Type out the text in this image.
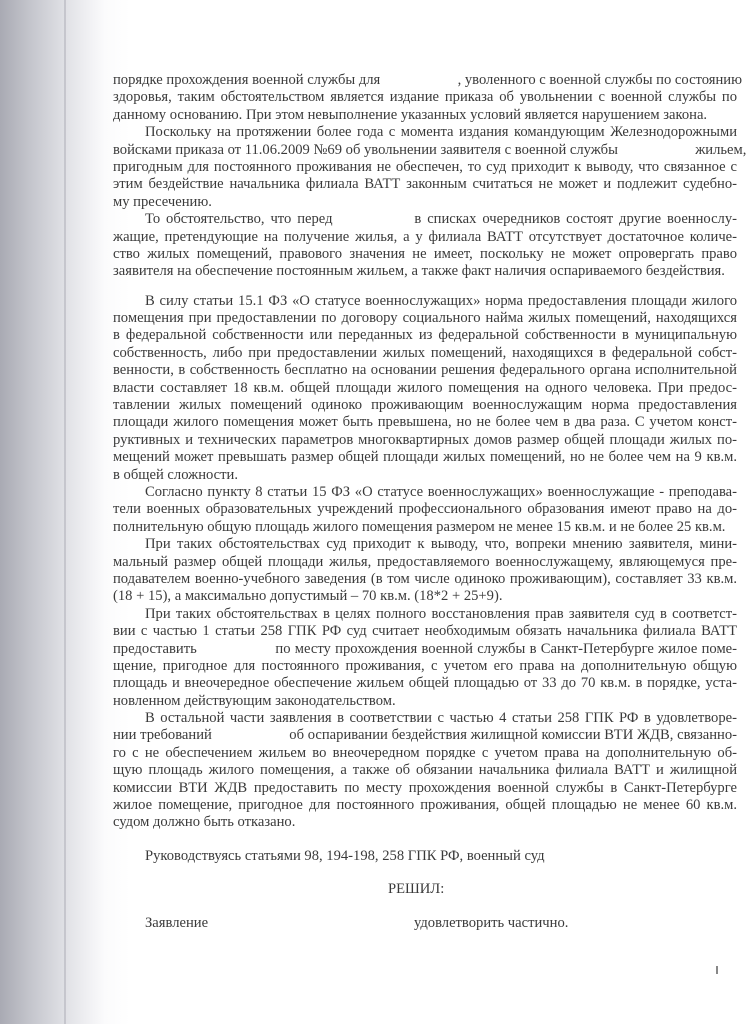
порядке прохождения военной службы для	, уволенного с военной службы по состоянию
здоровья, таким обстоятельством является издание приказа об увольнении с военной службы по
данному основанию. При этом невыполнение указанных условий является нарушением закона.
Поскольку на протяжении более года с момента издания командующим Железнодорожными
войсками приказа от 11.06.2009 №69 об увольнении заявителя с военной службы	жильем,
пригодным для постоянного проживания не обеспечен, то суд приходит к выводу, что связанное с
этим бездействие начальника филиала ВАТТ законным считаться не может и подлежит судебно-
му пресечению.
То обстоятельство, что перед	в списках очередников состоят другие военнослу-
жащие, претендующие на получение жилья, а у филиала ВАТТ отсутствует достаточное количе-
ство жилых помещений, правового значения не имеет, поскольку не может опровергать право
заявителя на обеспечение постоянным жильем, а также факт наличия оспариваемого бездействия.
В силу статьи 15.1 ФЗ «О статусе военнослужащих» норма предоставления площади жилого
помещения при предоставлении по договору социального найма жилых помещений, находящихся
в федеральной собственности или переданных из федеральной собственности в муниципальную
собственность, либо при предоставлении жилых помещений, находящихся в федеральной собст-
венности, в собственность бесплатно на основании решения федерального органа исполнительной
власти составляет 18 кв.м. общей площади жилого помещения на одного человека. При предос-
тавлении жилых помещений одиноко проживающим военнослужащим норма предоставления
площади жилого помещения может быть превышена, но не более чем в два раза. С учетом конст-
руктивных и технических параметров многоквартирных домов размер общей площади жилых по-
мещений может превышать размер общей площади жилых помещений, но не более чем на 9 кв.м.
в общей сложности.
Согласно пункту 8 статьи 15 ФЗ «О статусе военнослужащих» военнослужащие - преподава-
тели военных образовательных учреждений профессионального образования имеют право на до-
полнительную общую площадь жилого помещения размером не менее 15 кв.м. и не более 25 кв.м.
При таких обстоятельствах суд приходит к выводу, что, вопреки мнению заявителя, мини-
мальный размер общей площади жилья, предоставляемого военнослужащему, являющемуся пре-
подавателем военно-учебного заведения (в том числе одиноко проживающим), составляет 33 кв.м.
(18 + 15), а максимально допустимый – 70 кв.м. (18*2 + 25+9).
При таких обстоятельствах в целях полного восстановления прав заявителя суд в соответст-
вии с частью 1 статьи 258 ГПК РФ суд считает необходимым обязать начальника филиала ВАТТ
предоставить	по месту прохождения военной службы в Санкт-Петербурге жилое поме-
щение, пригодное для постоянного проживания, с учетом его права на дополнительную общую
площадь и внеочередное обеспечение жильем общей площадью от 33 до 70 кв.м. в порядке, уста-
новленном действующим законодательством.
В остальной части заявления в соответствии с частью 4 статьи 258 ГПК РФ в удовлетворе-
нии требований	об оспаривании бездействия жилищной комиссии ВТИ ЖДВ, связанно-
го с не обеспечением жильем во внеочередном порядке с учетом права на дополнительную об-
щую площадь жилого помещения, а также об обязании начальника филиала ВАТТ и жилищной
комиссии ВТИ ЖДВ предоставить по месту прохождения военной службы в Санкт-Петербурге
жилое помещение, пригодное для постоянного проживания, общей площадью не менее 60 кв.м.
судом должно быть отказано.
Руководствуясь статьями 98, 194-198, 258 ГПК РФ, военный суд
РЕШИЛ:
Заявление	удовлетворить частично.
